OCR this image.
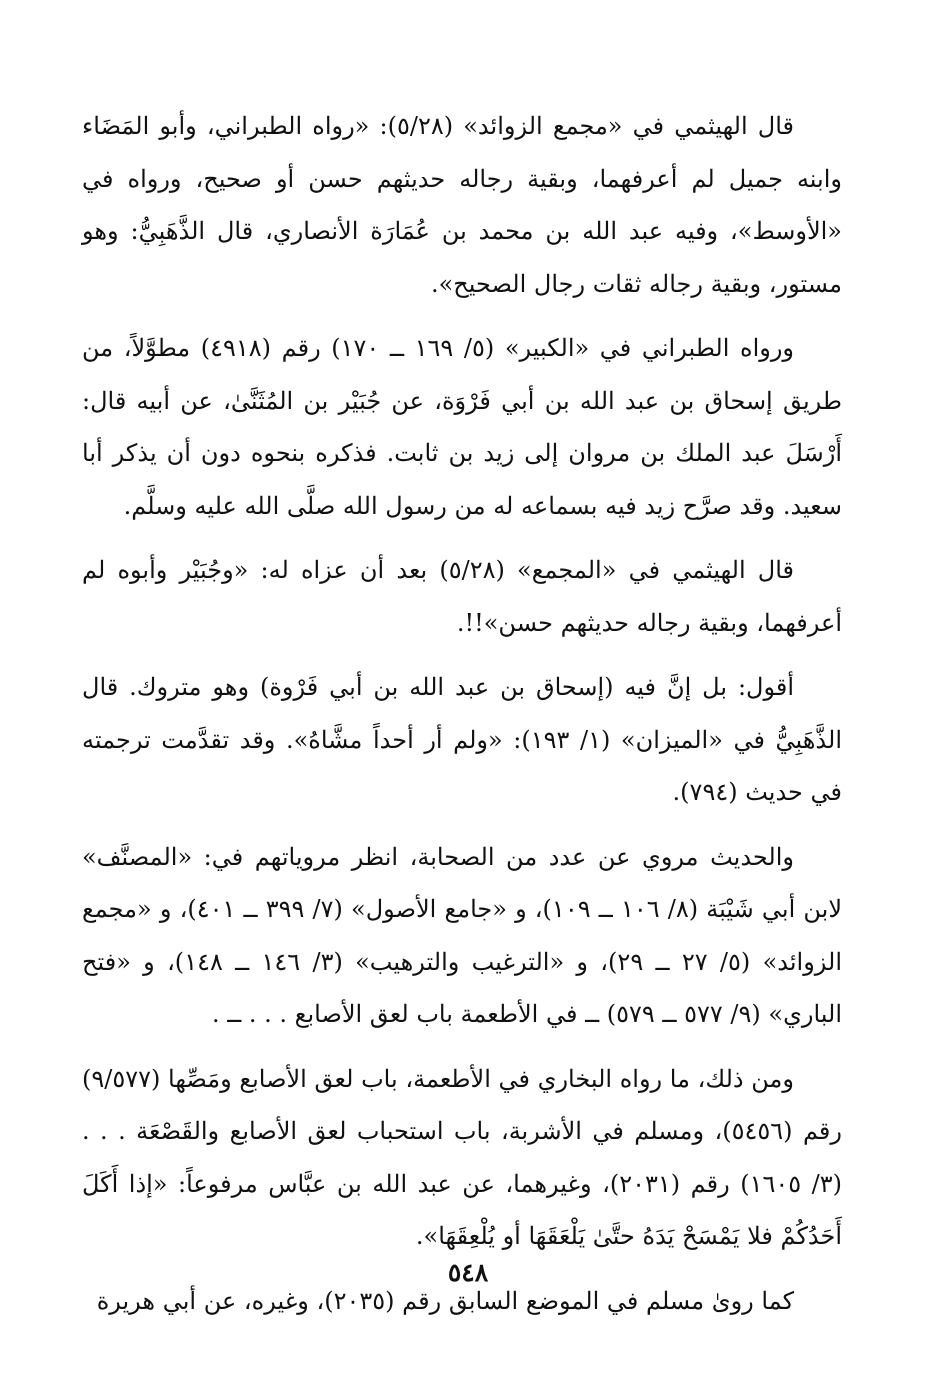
قال الهيثمي في «مجمع الزوائد» (٥/٢٨): «رواه الطبراني، وأبو المَضَاء وابنه جميل لم أعرفهما، وبقية رجاله حديثهم حسن أو صحيح، ورواه في «الأوسط»، وفيه عبد الله بن محمد بن عُمَارَة الأنصاري، قال الذَّهَبِيُّ: وهو مستور، وبقية رجاله ثقات رجال الصحيح».

ورواه الطبراني في «الكبير» (٥/ ١٦٩ ــ ١٧٠) رقم (٤٩١٨) مطوَّلاً، من طريق إسحاق بن عبد الله بن أبي فَرْوَة، عن جُبَيْر بن المُثَنَّىٰ، عن أبيه قال: أَرْسَلَ عبد الملك بن مروان إلى زيد بن ثابت. فذكره بنحوه دون أن يذكر أبا سعيد. وقد صرَّح زيد فيه بسماعه له من رسول الله صلَّى الله عليه وسلَّم.

قال الهيثمي في «المجمع» (٥/٢٨) بعد أن عزاه له: «وجُبَيْر وأبوه لم أعرفهما، وبقية رجاله حديثهم حسن»!!.

أقول: بل إنَّ فيه (إسحاق بن عبد الله بن أبي فَرْوة) وهو متروك. قال الذَّهَبِيُّ في «الميزان» (١/ ١٩٣): «ولم أر أحداً مشَّاهُ». وقد تقدَّمت ترجمته في حديث (٧٩٤).

والحديث مروي عن عدد من الصحابة، انظر مروياتهم في: «المصنَّف» لابن أبي شَيْبَة (٨/ ١٠٦ ــ ١٠٩)، و «جامع الأصول» (٧/ ٣٩٩ ــ ٤٠١)، و «مجمع الزوائد» (٥/ ٢٧ ــ ٢٩)، و «الترغيب والترهيب» (٣/ ١٤٦ ــ ١٤٨)، و «فتح الباري» (٩/ ٥٧٧ ــ ٥٧٩) ــ في الأطعمة باب لعق الأصابع . . . ــ .

ومن ذلك، ما رواه البخاري في الأطعمة، باب لعق الأصابع ومَصِّها (٩/٥٧٧) رقم (٥٤٥٦)، ومسلم في الأشربة، باب استحباب لعق الأصابع والقَصْعَة . . . (٣/ ١٦٠٥) رقم (٢٠٣١)، وغيرهما، عن عبد الله بن عبَّاس مرفوعاً: «إذا أَكَلَ أَحَدُكُمْ فلا يَمْسَحْ يَدَهُ حتَّىٰ يَلْعَقَهَا أو يُلْعِقَهَا».

كما روىٰ مسلم في الموضع السابق رقم (٢٠٣٥)، وغيره، عن أبي هريرة

٥٤٨
